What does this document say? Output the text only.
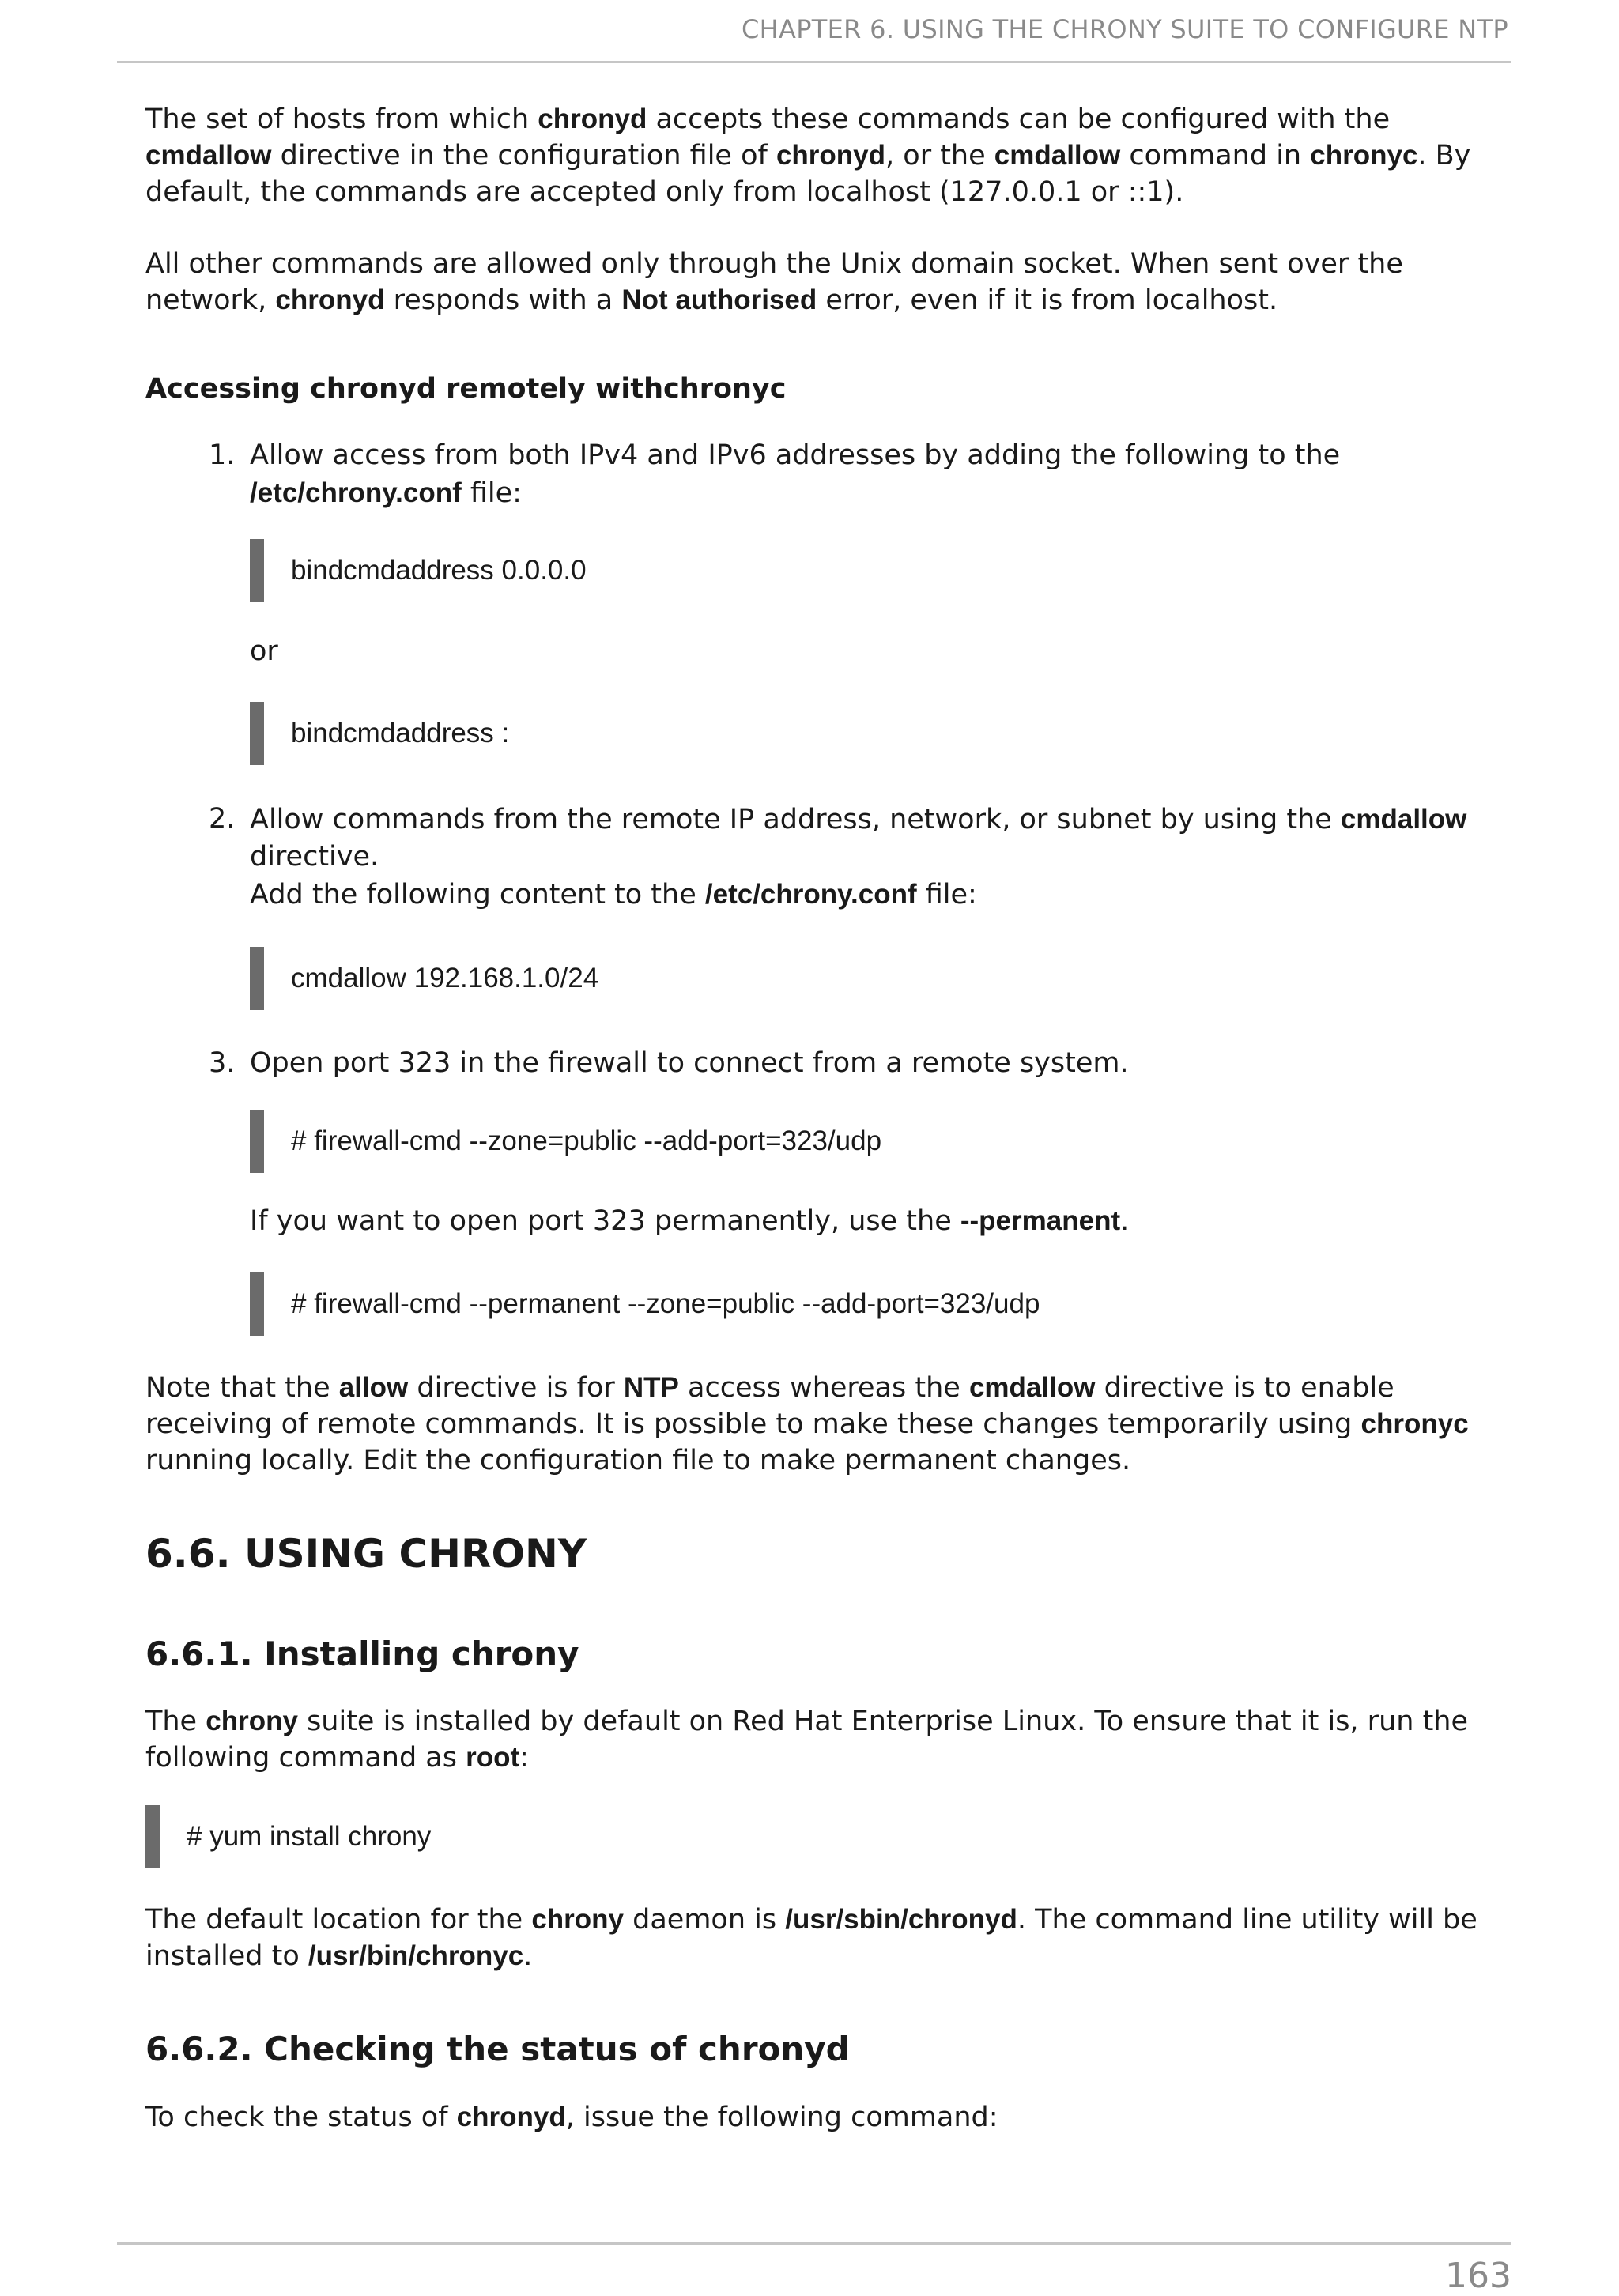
CHAPTER 6. USING THE CHRONY SUITE TO CONFIGURE NTP

The set of hosts from which chronyd accepts these commands can be configured with the cmdallow directive in the configuration file of chronyd, or the cmdallow command in chronyc. By default, the commands are accepted only from localhost (127.0.0.1 or ::1).

All other commands are allowed only through the Unix domain socket. When sent over the network, chronyd responds with a Not authorised error, even if it is from localhost.

Accessing chronyd remotely withchronyc
1. Allow access from both IPv4 and IPv6 addresses by adding the following to the /etc/chrony.conf file:

bindcmdaddress 0.0.0.0
or
bindcmdaddress :
2. Allow commands from the remote IP address, network, or subnet by using the cmdallow directive.
Add the following content to the /etc/chrony.conf file:

cmdallow 192.168.1.0/24
3. Open port 323 in the firewall to connect from a remote system.

# firewall-cmd --zone=public --add-port=323/udp

If you want to open port 323 permanently, use the --permanent.

# firewall-cmd --permanent --zone=public --add-port=323/udp

Note that the allow directive is for NTP access whereas the cmdallow directive is to enable receiving of remote commands. It is possible to make these changes temporarily using chronyc running locally. Edit the configuration file to make permanent changes.

6.6. USING CHRONY
6.6.1. Installing chrony

The chrony suite is installed by default on Red Hat Enterprise Linux. To ensure that it is, run the following command as root:

# yum install chrony

The default location for the chrony daemon is /usr/sbin/chronyd. The command line utility will be installed to /usr/bin/chronyc.

6.6.2. Checking the status of chronyd

To check the status of chronyd, issue the following command:

163
